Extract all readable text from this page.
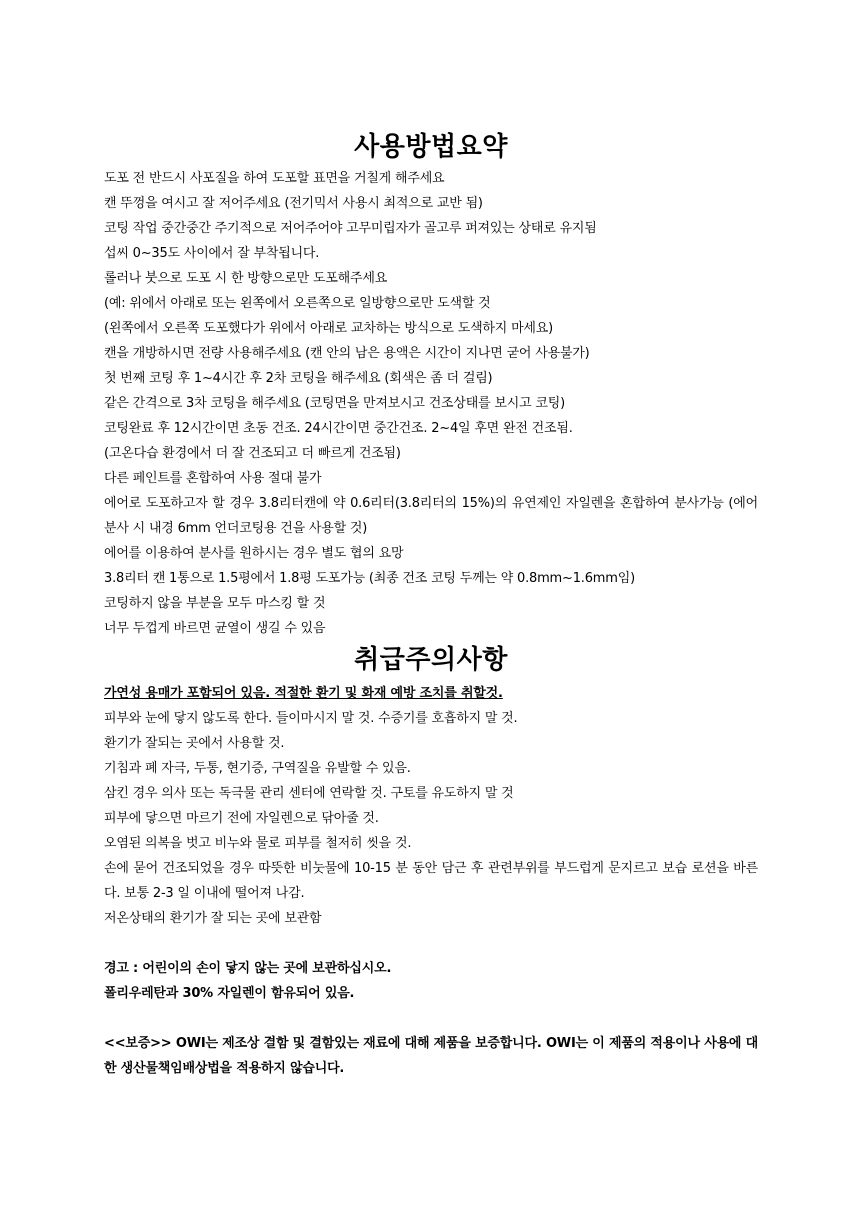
사용방법요약
도포 전 반드시 사포질을 하여 도포할 표면을 거칠게 해주세요
캔 뚜껑을 여시고 잘 저어주세요 (전기믹서 사용시 최적으로 교반 됨)
코팅 작업 중간중간 주기적으로 저어주어야 고무미립자가 골고루 퍼져있는 상태로 유지됨
섭씨 0~35도 사이에서 잘 부착됩니다.
롤러나 붓으로 도포 시 한 방향으로만 도포해주세요
(예: 위에서 아래로 또는 왼쪽에서 오른쪽으로 일방향으로만 도색할 것
(왼쪽에서 오른쪽 도포했다가 위에서 아래로 교차하는 방식으로 도색하지 마세요)
캔을 개방하시면 전량 사용해주세요 (캔 안의 남은 용액은 시간이 지나면 굳어 사용불가)
첫 번째 코팅 후 1~4시간 후 2차 코팅을 해주세요 (회색은 좀 더 걸림)
같은 간격으로 3차 코팅을 해주세요 (코팅면을 만져보시고 건조상태를 보시고 코팅)
코팅완료 후 12시간이면 초동 건조. 24시간이면 중간건조. 2~4일 후면 완전 건조됨.
(고온다습 환경에서 더 잘 건조되고 더 빠르게 건조됨)
다른 페인트를 혼합하여 사용 절대 불가
에어로 도포하고자 할 경우 3.8리터캔에 약 0.6리터(3.8리터의 15%)의 유연제인 자일렌을 혼합하여 분사가능 (에어분사 시 내경 6mm 언더코팅용 건을 사용할 것)
에어를 이용하여 분사를 원하시는 경우 별도 협의 요망
3.8리터 캔 1통으로 1.5평에서 1.8평 도포가능 (최종 건조 코팅 두께는 약 0.8mm~1.6mm임)
코팅하지 않을 부분을 모두 마스킹 할 것
너무 두껍게 바르면 균열이 생길 수 있음
취급주의사항
가연성 용매가 포함되어 있음. 적절한 환기 및 화재 예방 조치를 취할것.
피부와 눈에 닿지 않도록 한다. 들이마시지 말 것. 수증기를 호흡하지 말 것.
환기가 잘되는 곳에서 사용할 것.
기침과 폐 자극, 두통, 현기증, 구역질을 유발할 수 있음.
삼킨 경우 의사 또는 독극물 관리 센터에 연락할 것. 구토를 유도하지 말 것
피부에 닿으면 마르기 전에 자일렌으로 닦아줄 것.
오염된 의복을 벗고 비누와 물로 피부를 철저히 씻을 것.
손에 묻어 건조되었을 경우 따뜻한 비눗물에 10-15 분 동안 담근 후 관련부위를 부드럽게 문지르고 보습 로션을 바른다. 보통 2-3 일 이내에 떨어져 나감.
저온상태의 환기가 잘 되는 곳에 보관함
경고 : 어린이의 손이 닿지 않는 곳에 보관하십시오.
폴리우레탄과 30% 자일렌이 함유되어 있음.
<<보증>> OWI는 제조상 결함 및 결함있는 재료에 대해 제품을 보증합니다. OWI는 이 제품의 적용이나 사용에 대한 생산물책임배상법을 적용하지 않습니다.
